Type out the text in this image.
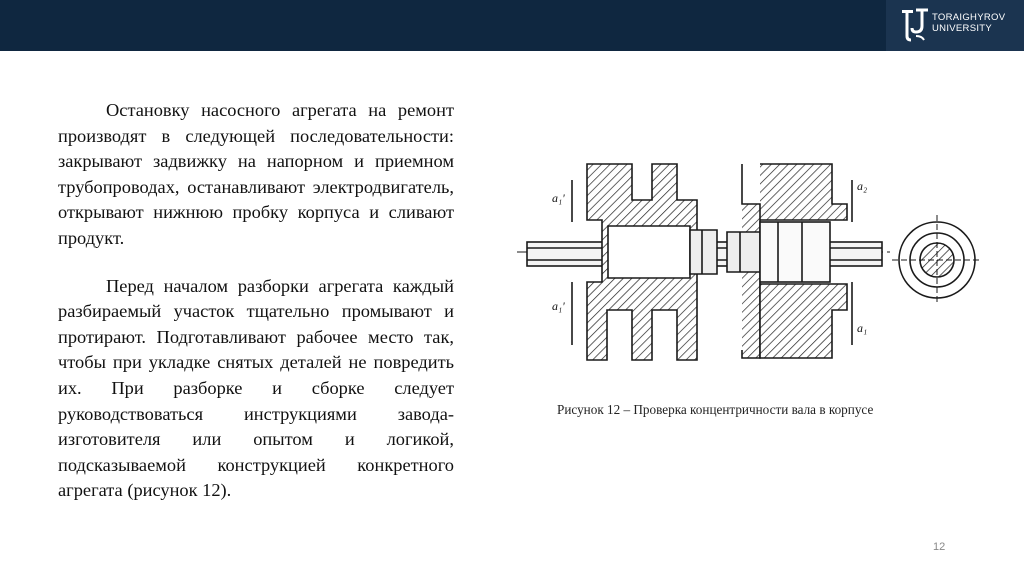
TORAIGHYROV
UNIVERSITY

Остановку насосного агрегата на ремонт производят в следующей последовательности: закрывают задвижку на напорном и приемном трубопроводах, останавливают электродвигатель, открывают нижнюю пробку корпуса и сливают продукт.

Перед началом разборки агрегата каждый разбираемый участок тщательно промывают и протирают. Подготавливают рабочее место так, чтобы при укладке снятых деталей не повредить их. При разборке и сборке следует руководствоваться инструкциями завода-изготовителя или опытом и логикой, подсказываемой конструкцией конкретного агрегата (рисунок 12).

a₁'
a₂
a₁'
a₁
Рисунок 12 – Проверка концентричности вала в корпусе
12
